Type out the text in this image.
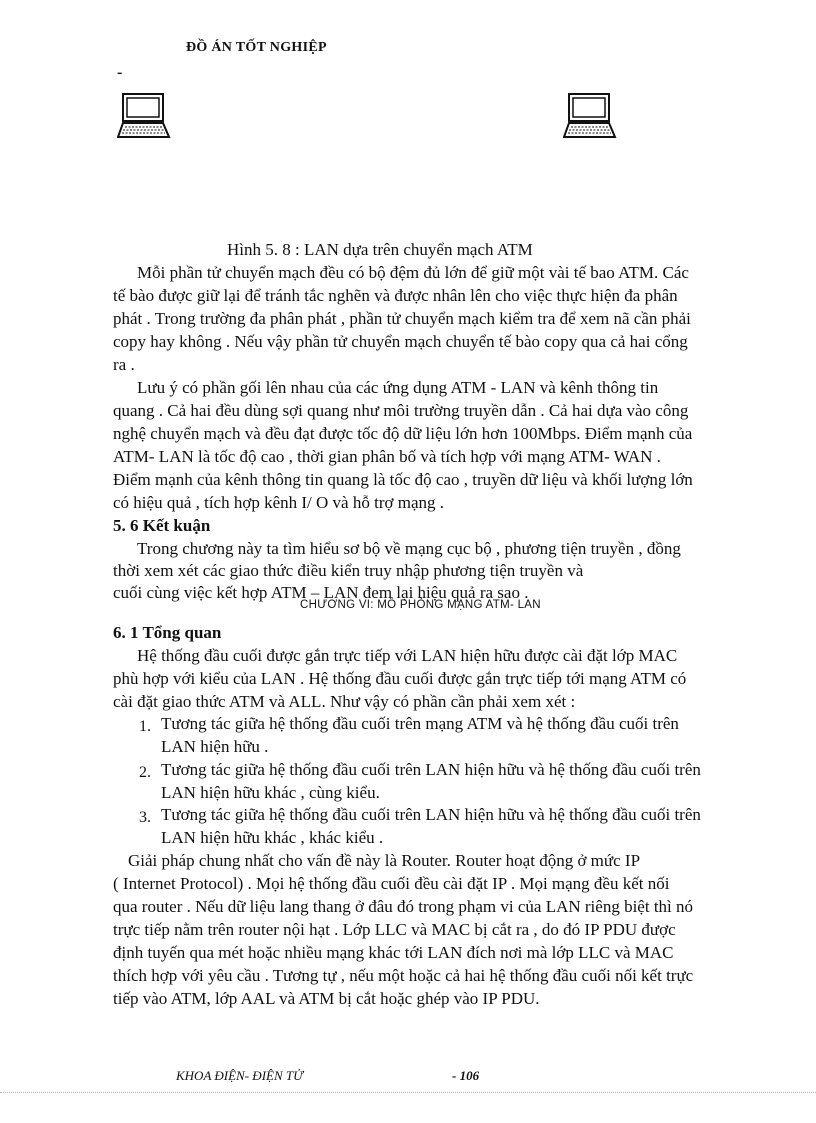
ĐỒ ÁN TỐT NGHIỆP
-
Hình 5. 8 : LAN dựa trên chuyển mạch ATM
Mỗi phần tử chuyển mạch đều có bộ đệm đủ lớn để giữ một vài tế bao ATM. Các
tế bào được giữ lại để tránh tắc nghẽn và được nhân lên cho việc thực hiện đa phân
phát . Trong trường đa phân phát , phần tử chuyển mạch kiểm tra để xem nã cần phải
copy hay không . Nếu vậy phần tử chuyển mạch chuyển tế bào copy qua cả hai cổng
ra .
Lưu ý có phần gối lên nhau của các ứng dụng ATM - LAN và kênh thông tin
quang . Cả hai đều dùng sợi quang như môi trường truyền dẫn . Cả hai dựa vào công
nghệ chuyển mạch và đều đạt được tốc độ dữ liệu lớn hơn 100Mbps. Điểm mạnh của
ATM- LAN là tốc độ cao , thời gian phân bố và tích hợp với mạng ATM- WAN .
Điểm mạnh của kênh thông tin quang là tốc độ cao , truyền dữ liệu và khối lượng lớn
có hiệu quả , tích hợp kênh I/ O và hỗ trợ mạng .
5. 6 Kết kuận
Trong chương này ta tìm hiểu sơ bộ về mạng cục bộ , phương tiện truyền , đồng
thời xem xét các giao thức điều kiển truy nhập phương tiện truyền và
cuối cùng việc kết hợp ATM – LAN đem lại hiệu quả ra sao .
CHƯƠNG VI: MÔ PHỎNG MẠNG ATM- LAN
6. 1 Tổng quan
Hệ thống đầu cuối được gắn trực tiếp với LAN hiện hữu được cài đặt lớp MAC
phù hợp với kiểu của LAN . Hệ thống đầu cuối được gắn trực tiếp tới mạng ATM có
cài đặt giao thức ATM và ALL. Như vậy có phần cần phải xem xét :
1. Tương tác giữa hệ thống đầu cuối trên mạng ATM và hệ thống đầu cuối trên
LAN hiện hữu .
2. Tương tác giữa hệ thống đầu cuối trên LAN hiện hữu và hệ thống đầu cuối trên
LAN hiện hữu khác , cùng kiểu.
3. Tương tác giữa hệ thống đầu cuối trên LAN hiện hữu và hệ thống đầu cuối trên
LAN hiện hữu khác , khác kiểu .
Giải pháp chung nhất cho vấn đề này là Router. Router hoạt động ở mức IP
( Internet Protocol) . Mọi hệ thống đầu cuối đều cài đặt IP . Mọi mạng đều kết nối
qua router . Nếu dữ liệu lang thang ở đâu đó trong phạm vi của LAN riêng biệt thì nó
trực tiếp nằm trên router nội hạt . Lớp LLC và MAC bị cắt ra , do đó IP PDU được
định tuyến qua mét hoặc nhiều mạng khác tới LAN đích nơi mà lớp LLC và MAC
thích hợp với yêu cầu . Tương tự , nếu một hoặc cả hai hệ thống đầu cuối nối kết trực
tiếp vào ATM, lớp AAL và ATM bị cắt hoặc ghép vào IP PDU.
KHOA ĐIỆN- ĐIỆN TỬ	- 106
